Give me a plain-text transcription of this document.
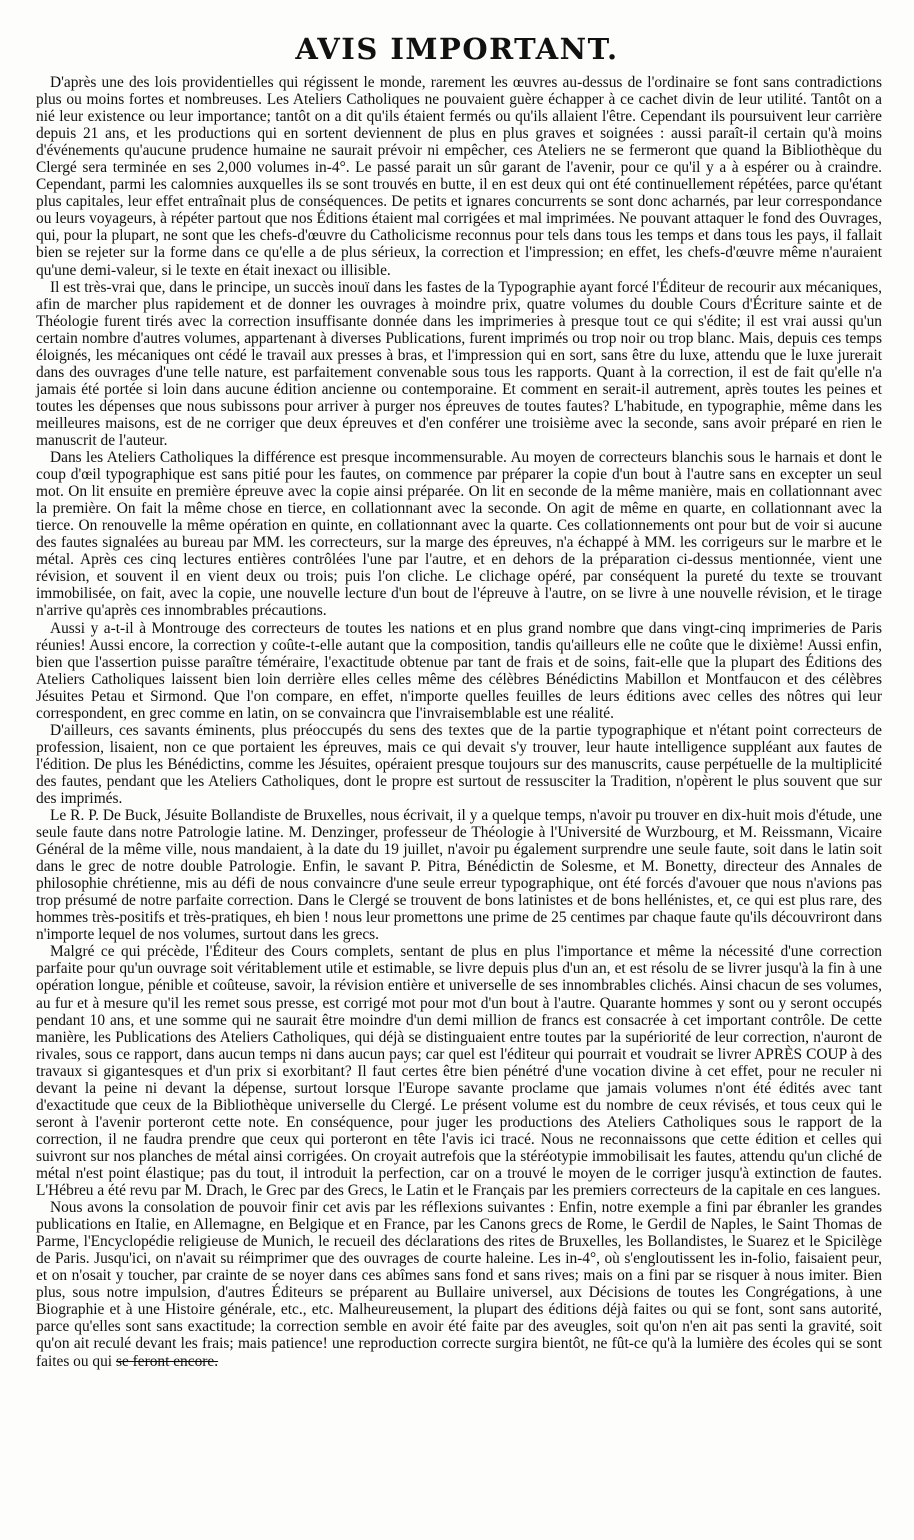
AVIS IMPORTANT.

D'après une des lois providentielles qui régissent le monde, rarement les œuvres au-dessus de l'ordinaire se font sans contradictions plus ou moins fortes et nombreuses. Les Ateliers Catholiques ne pouvaient guère échapper à ce cachet divin de leur utilité. Tantôt on a nié leur existence ou leur importance; tantôt on a dit qu'ils étaient fermés ou qu'ils allaient l'être. Cependant ils poursuivent leur carrière depuis 21 ans, et les productions qui en sortent deviennent de plus en plus graves et soignées : aussi paraît-il certain qu'à moins d'événements qu'aucune prudence humaine ne saurait prévoir ni empêcher, ces Ateliers ne se fermeront que quand la Bibliothèque du Clergé sera terminée en ses 2,000 volumes in-4°. Le passé parait un sûr garant de l'avenir, pour ce qu'il y a à espérer ou à craindre. Cependant, parmi les calomnies auxquelles ils se sont trouvés en butte, il en est deux qui ont été continuellement répétées, parce qu'étant plus capitales, leur effet entraînait plus de conséquences. De petits et ignares concurrents se sont donc acharnés, par leur correspondance ou leurs voyageurs, à répéter partout que nos Éditions étaient mal corrigées et mal imprimées. Ne pouvant attaquer le fond des Ouvrages, qui, pour la plupart, ne sont que les chefs-d'œuvre du Catholicisme reconnus pour tels dans tous les temps et dans tous les pays, il fallait bien se rejeter sur la forme dans ce qu'elle a de plus sérieux, la correction et l'impression; en effet, les chefs-d'œuvre même n'auraient qu'une demi-valeur, si le texte en était inexact ou illisible.

Il est très-vrai que, dans le principe, un succès inouï dans les fastes de la Typographie ayant forcé l'Éditeur de recourir aux mécaniques, afin de marcher plus rapidement et de donner les ouvrages à moindre prix, quatre volumes du double Cours d'Écriture sainte et de Théologie furent tirés avec la correction insuffisante donnée dans les imprimeries à presque tout ce qui s'édite; il est vrai aussi qu'un certain nombre d'autres volumes, appartenant à diverses Publications, furent imprimés ou trop noir ou trop blanc. Mais, depuis ces temps éloignés, les mécaniques ont cédé le travail aux presses à bras, et l'impression qui en sort, sans être du luxe, attendu que le luxe jurerait dans des ouvrages d'une telle nature, est parfaitement convenable sous tous les rapports. Quant à la correction, il est de fait qu'elle n'a jamais été portée si loin dans aucune édition ancienne ou contemporaine. Et comment en serait-il autrement, après toutes les peines et toutes les dépenses que nous subissons pour arriver à purger nos épreuves de toutes fautes? L'habitude, en typographie, même dans les meilleures maisons, est de ne corriger que deux épreuves et d'en conférer une troisième avec la seconde, sans avoir préparé en rien le manuscrit de l'auteur.

Dans les Ateliers Catholiques la différence est presque incommensurable. Au moyen de correcteurs blanchis sous le harnais et dont le coup d'œil typographique est sans pitié pour les fautes, on commence par préparer la copie d'un bout à l'autre sans en excepter un seul mot. On lit ensuite en première épreuve avec la copie ainsi préparée. On lit en seconde de la même manière, mais en collationnant avec la première. On fait la même chose en tierce, en collationnant avec la seconde. On agit de même en quarte, en collationnant avec la tierce. On renouvelle la même opération en quinte, en collationnant avec la quarte. Ces collationnements ont pour but de voir si aucune des fautes signalées au bureau par MM. les correcteurs, sur la marge des épreuves, n'a échappé à MM. les corrigeurs sur le marbre et le métal. Après ces cinq lectures entières contrôlées l'une par l'autre, et en dehors de la préparation ci-dessus mentionnée, vient une révision, et souvent il en vient deux ou trois; puis l'on cliche. Le clichage opéré, par conséquent la pureté du texte se trouvant immobilisée, on fait, avec la copie, une nouvelle lecture d'un bout de l'épreuve à l'autre, on se livre à une nouvelle révision, et le tirage n'arrive qu'après ces innombrables précautions.

Aussi y a-t-il à Montrouge des correcteurs de toutes les nations et en plus grand nombre que dans vingt-cinq imprimeries de Paris réunies! Aussi encore, la correction y coûte-t-elle autant que la composition, tandis qu'ailleurs elle ne coûte que le dixième! Aussi enfin, bien que l'assertion puisse paraître téméraire, l'exactitude obtenue par tant de frais et de soins, fait-elle que la plupart des Éditions des Ateliers Catholiques laissent bien loin derrière elles celles même des célèbres Bénédictins Mabillon et Montfaucon et des célèbres Jésuites Petau et Sirmond. Que l'on compare, en effet, n'importe quelles feuilles de leurs éditions avec celles des nôtres qui leur correspondent, en grec comme en latin, on se convaincra que l'invraisemblable est une réalité.

D'ailleurs, ces savants éminents, plus préoccupés du sens des textes que de la partie typographique et n'étant point correcteurs de profession, lisaient, non ce que portaient les épreuves, mais ce qui devait s'y trouver, leur haute intelligence suppléant aux fautes de l'édition. De plus les Bénédictins, comme les Jésuites, opéraient presque toujours sur des manuscrits, cause perpétuelle de la multiplicité des fautes, pendant que les Ateliers Catholiques, dont le propre est surtout de ressusciter la Tradition, n'opèrent le plus souvent que sur des imprimés.

Le R. P. De Buck, Jésuite Bollandiste de Bruxelles, nous écrivait, il y a quelque temps, n'avoir pu trouver en dix-huit mois d'étude, une seule faute dans notre Patrologie latine. M. Denzinger, professeur de Théologie à l'Université de Wurzbourg, et M. Reissmann, Vicaire Général de la même ville, nous mandaient, à la date du 19 juillet, n'avoir pu également surprendre une seule faute, soit dans le latin soit dans le grec de notre double Patrologie. Enfin, le savant P. Pitra, Bénédictin de Solesme, et M. Bonetty, directeur des Annales de philosophie chrétienne, mis au défi de nous convaincre d'une seule erreur typographique, ont été forcés d'avouer que nous n'avions pas trop présumé de notre parfaite correction. Dans le Clergé se trouvent de bons latinistes et de bons hellénistes, et, ce qui est plus rare, des hommes très-positifs et très-pratiques, eh bien ! nous leur promettons une prime de 25 centimes par chaque faute qu'ils découvriront dans n'importe lequel de nos volumes, surtout dans les grecs.

Malgré ce qui précède, l'Éditeur des Cours complets, sentant de plus en plus l'importance et même la nécessité d'une correction parfaite pour qu'un ouvrage soit véritablement utile et estimable, se livre depuis plus d'un an, et est résolu de se livrer jusqu'à la fin à une opération longue, pénible et coûteuse, savoir, la révision entière et universelle de ses innombrables clichés. Ainsi chacun de ses volumes, au fur et à mesure qu'il les remet sous presse, est corrigé mot pour mot d'un bout à l'autre. Quarante hommes y sont ou y seront occupés pendant 10 ans, et une somme qui ne saurait être moindre d'un demi million de francs est consacrée à cet important contrôle. De cette manière, les Publications des Ateliers Catholiques, qui déjà se distinguaient entre toutes par la supériorité de leur correction, n'auront de rivales, sous ce rapport, dans aucun temps ni dans aucun pays; car quel est l'éditeur qui pourrait et voudrait se livrer APRÈS COUP à des travaux si gigantesques et d'un prix si exorbitant? Il faut certes être bien pénétré d'une vocation divine à cet effet, pour ne reculer ni devant la peine ni devant la dépense, surtout lorsque l'Europe savante proclame que jamais volumes n'ont été édités avec tant d'exactitude que ceux de la Bibliothèque universelle du Clergé. Le présent volume est du nombre de ceux révisés, et tous ceux qui le seront à l'avenir porteront cette note. En conséquence, pour juger les productions des Ateliers Catholiques sous le rapport de la correction, il ne faudra prendre que ceux qui porteront en tête l'avis ici tracé. Nous ne reconnaissons que cette édition et celles qui suivront sur nos planches de métal ainsi corrigées. On croyait autrefois que la stéréotypie immobilisait les fautes, attendu qu'un cliché de métal n'est point élastique; pas du tout, il introduit la perfection, car on a trouvé le moyen de le corriger jusqu'à extinction de fautes. L'Hébreu a été revu par M. Drach, le Grec par des Grecs, le Latin et le Français par les premiers correcteurs de la capitale en ces langues.

Nous avons la consolation de pouvoir finir cet avis par les réflexions suivantes : Enfin, notre exemple a fini par ébranler les grandes publications en Italie, en Allemagne, en Belgique et en France, par les Canons grecs de Rome, le Gerdil de Naples, le Saint Thomas de Parme, l'Encyclopédie religieuse de Munich, le recueil des déclarations des rites de Bruxelles, les Bollandistes, le Suarez et le Spicilège de Paris. Jusqu'ici, on n'avait su réimprimer que des ouvrages de courte haleine. Les in-4°, où s'engloutissent les in-folio, faisaient peur, et on n'osait y toucher, par crainte de se noyer dans ces abîmes sans fond et sans rives; mais on a fini par se risquer à nous imiter. Bien plus, sous notre impulsion, d'autres Éditeurs se préparent au Bullaire universel, aux Décisions de toutes les Congrégations, à une Biographie et à une Histoire générale, etc., etc. Malheureusement, la plupart des éditions déjà faites ou qui se font, sont sans autorité, parce qu'elles sont sans exactitude; la correction semble en avoir été faite par des aveugles, soit qu'on n'en ait pas senti la gravité, soit qu'on ait reculé devant les frais; mais patience! une reproduction correcte surgira bientôt, ne fût-ce qu'à la lumière des écoles qui se sont faites ou qui se feront encore.
